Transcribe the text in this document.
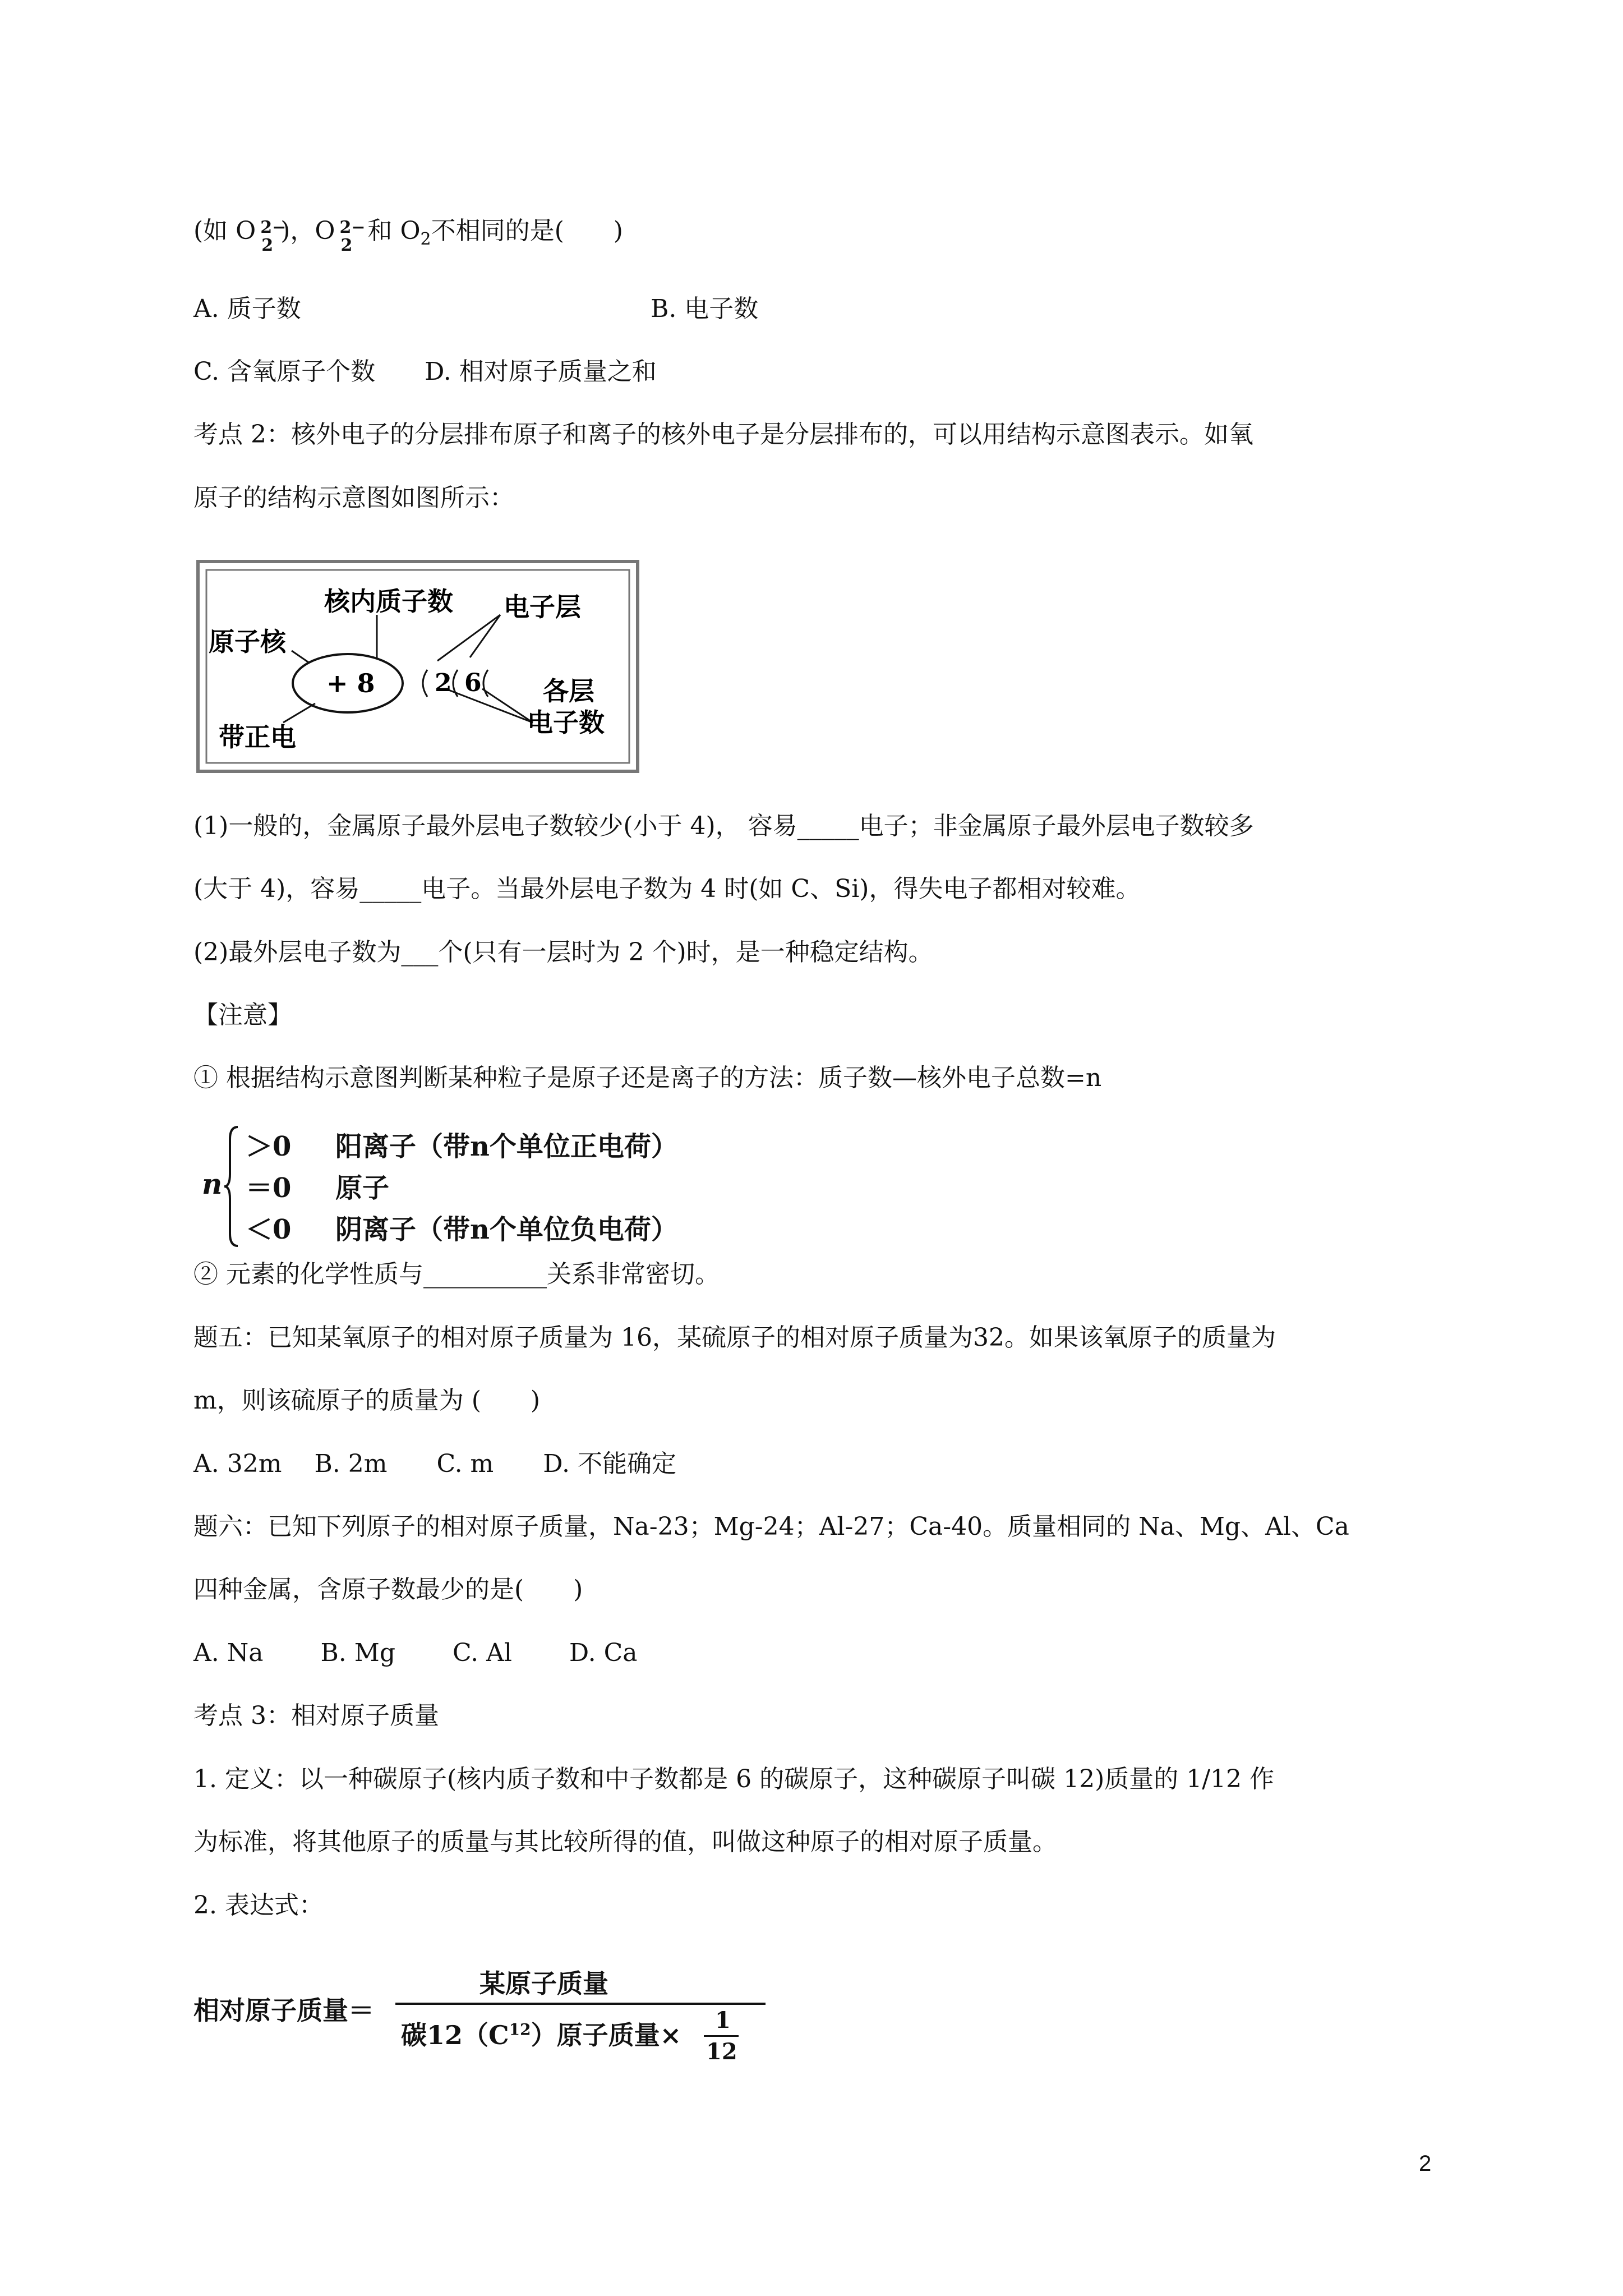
(如 O 2−
2
)，O 2−
2
和 $O_2$不相同的是(　　)
A. 质子数	B. 电子数
C. 含氧原子个数　　D. 相对原子质量之和
考点 2：核外电子的分层排布原子和离子的核外电子是分层排布的，可以用结构示意图表示。如氧
原子的结构示意图如图所示：
核内质子数
原子核
带正电
电子层
各层
电子数
+ 8 2 6
(1)一般的，金属原子最外层电子数较少(小于 4)， 容易_____电子；非金属原子最外层电子数较多
(大于 4)，容易_____电子。当最外层电子数为 4 时(如 C、Si)，得失电子都相对较难。
(2)最外层电子数为___个(只有一层时为 2 个)时，是一种稳定结构。
【注意】
① 根据结构示意图判断某种粒子是原子还是离子的方法：质子数—核外电子总数=n
n
＞0 阳离子（带n个单位正电荷）
＝0 原子
＜0 阴离子（带n个单位负电荷）
② 元素的化学性质与__________关系非常密切。
题五：已知某氧原子的相对原子质量为 16，某硫原子的相对原子质量为32。如果该氧原子的质量为
m，则该硫原子的质量为 (　　)
A. 32m　 B. 2m　　C. m　　D. 不能确定
题六：已知下列原子的相对原子质量，Na-23；Mg-24；Al-27；Ca-40。质量相同的 Na、Mg、Al、Ca
四种金属，含原子数最少的是(　　)
A. Na　　 B. Mg　　 C. Al　　 D. Ca
考点 3：相对原子质量
1. 定义：以一种碳原子(核内质子数和中子数都是 6 的碳原子，这种碳原子叫碳 12)质量的 1/12 作
为标准，将其他原子的质量与其比较所得的值，叫做这种原子的相对原子质量。
2. 表达式：
相对原子质量＝
某原子质量
碳$12(C^{12})$原子质量× 1
12
2
